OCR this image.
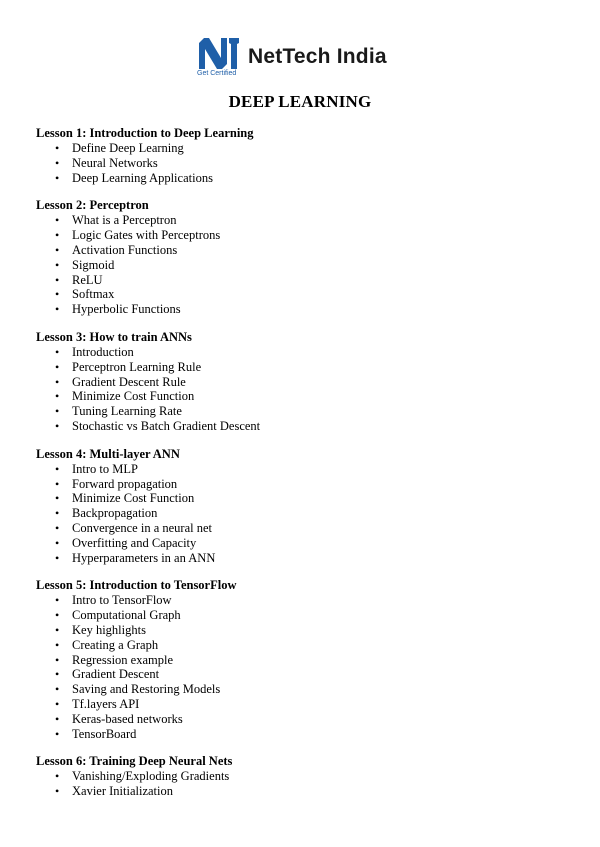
NetTech India
Get Certified
DEEP LEARNING
Lesson 1: Introduction to Deep Learning
• Define Deep Learning
• Neural Networks
• Deep Learning Applications
Lesson 2: Perceptron
• What is a Perceptron
• Logic Gates with Perceptrons
• Activation Functions
• Sigmoid
• ReLU
• Softmax
• Hyperbolic Functions
Lesson 3: How to train ANNs
• Introduction
• Perceptron Learning Rule
• Gradient Descent Rule
• Minimize Cost Function
• Tuning Learning Rate
• Stochastic vs Batch Gradient Descent
Lesson 4: Multi-layer ANN
• Intro to MLP
• Forward propagation
• Minimize Cost Function
• Backpropagation
• Convergence in a neural net
• Overfitting and Capacity
• Hyperparameters in an ANN
Lesson 5: Introduction to TensorFlow
• Intro to TensorFlow
• Computational Graph
• Key highlights
• Creating a Graph
• Regression example
• Gradient Descent
• Saving and Restoring Models
• Tf.layers API
• Keras-based networks
• TensorBoard
Lesson 6: Training Deep Neural Nets
• Vanishing/Exploding Gradients
• Xavier Initialization
